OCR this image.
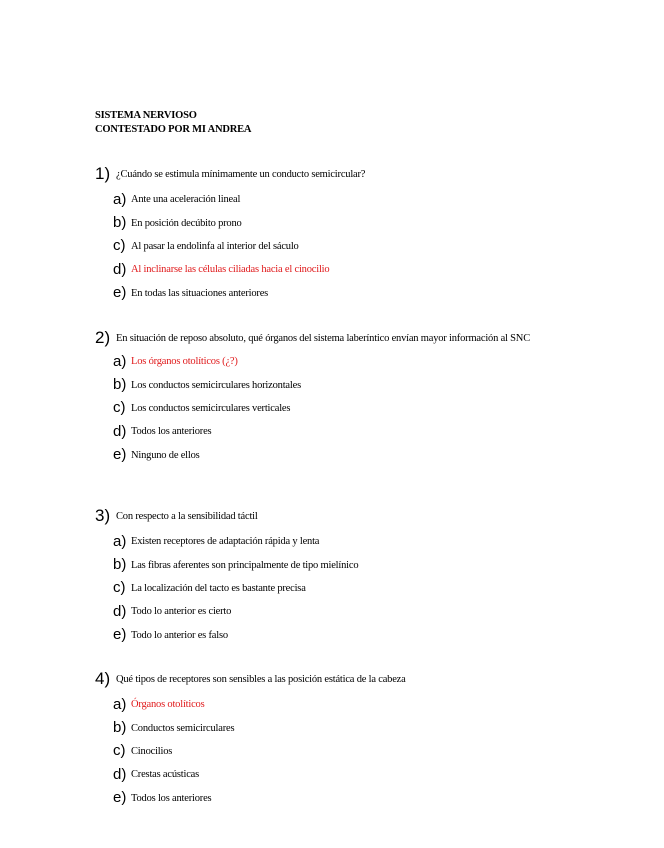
SISTEMA NERVIOSO
CONTESTADO POR MI ANDREA
1) ¿Cuándo se estimula mínimamente un conducto semicircular?
a) Ante una aceleración lineal
b) En posición decúbito prono
c) Al pasar la endolinfa al interior del sáculo
d) Al inclinarse las células ciliadas hacia el cinocilio
e) En todas las situaciones anteriores
2) En situación de reposo absoluto, qué órganos del sistema laberíntico envían mayor información al SNC
a) Los órganos otolíticos (¿?)
b) Los conductos semicirculares horizontales
c) Los conductos semicirculares verticales
d) Todos los anteriores
e) Ninguno de ellos
3) Con respecto a la sensibilidad táctil
a) Existen receptores de adaptación rápida y lenta
b) Las fibras aferentes son principalmente de tipo mielínico
c) La localización del tacto es bastante precisa
d) Todo lo anterior es cierto
e) Todo lo anterior es falso
4) Qué tipos de receptores son sensibles a las posición estática de la cabeza
a) Órganos otolíticos
b) Conductos semicirculares
c) Cinocilios
d) Crestas acústicas
e) Todos los anteriores
